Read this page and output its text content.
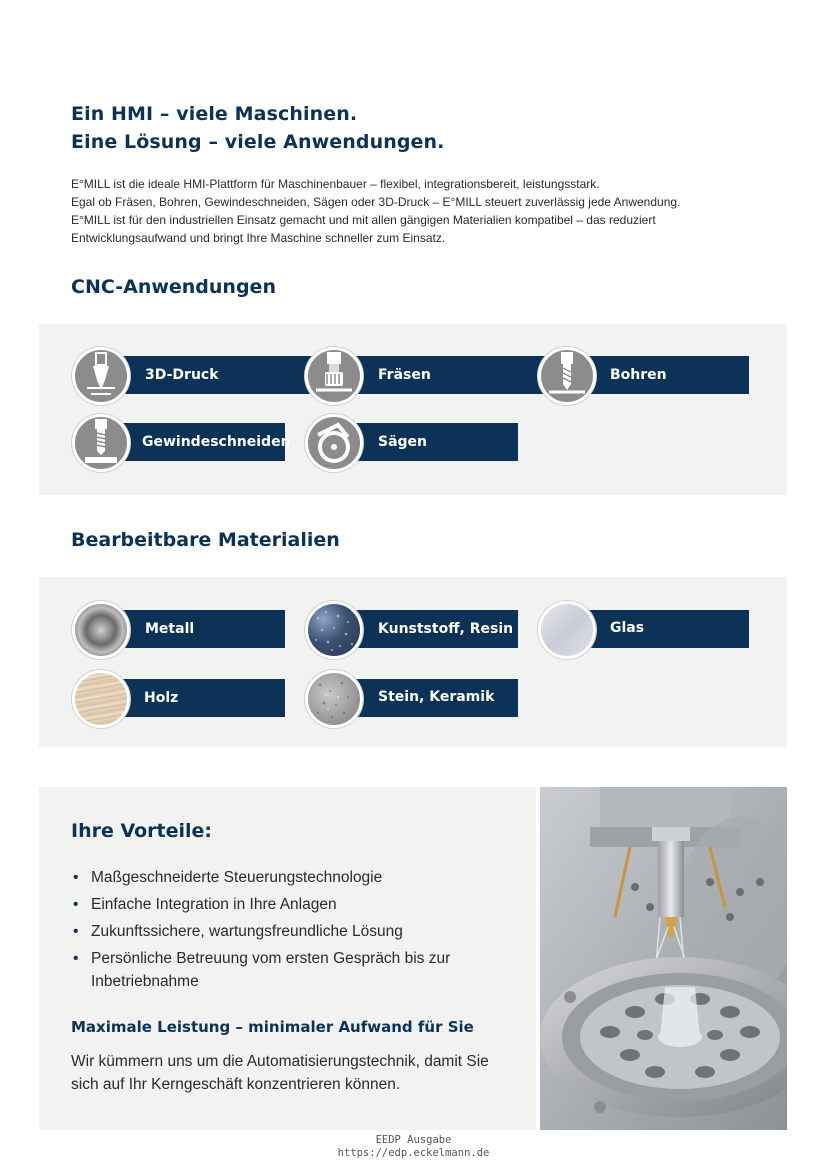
Ein HMI – viele Maschinen.
Eine Lösung – viele Anwendungen.
E°MILL ist die ideale HMI-Plattform für Maschinenbauer – flexibel, integrationsbereit, leistungsstark.
Egal ob Fräsen, Bohren, Gewindeschneiden, Sägen oder 3D-Druck – E°MILL steuert zuverlässig jede Anwendung.
E°MILL ist für den industriellen Einsatz gemacht und mit allen gängigen Materialien kompatibel – das reduziert
Entwicklungsaufwand und bringt Ihre Maschine schneller zum Einsatz.
CNC-Anwendungen
3D-Druck	Fräsen	Bohren
Gewindeschneiden	Sägen
Bearbeitbare Materialien
Metall	Kunststoff, Resin	Glas
Holz	Stein, Keramik
Ihre Vorteile:
• Maßgeschneiderte Steuerungstechnologie
• Einfache Integration in Ihre Anlagen
• Zukunftssichere, wartungsfreundliche Lösung
• Persönliche Betreuung vom ersten Gespräch bis zur Inbetriebnahme
Maximale Leistung – minimaler Aufwand für Sie
Wir kümmern uns um die Automatisierungstechnik, damit Sie sich auf Ihr Kerngeschäft konzentrieren können.
EEDP Ausgabe
https://edp.eckelmann.de
